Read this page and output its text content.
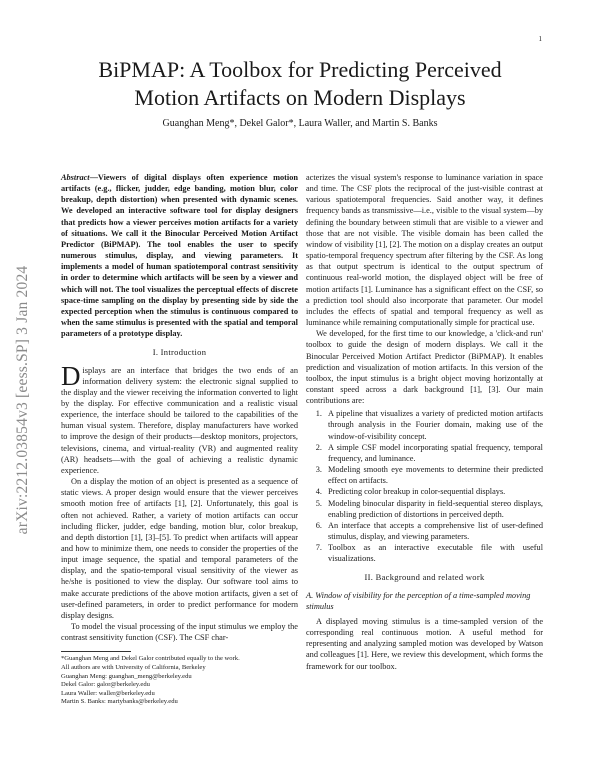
1
arXiv:2212.03854v3 [eess.SP] 3 Jan 2024
BiPMAP: A Toolbox for Predicting Perceived
Motion Artifacts on Modern Displays
Guanghan Meng*, Dekel Galor*, Laura Waller, and Martin S. Banks

Abstract—Viewers of digital displays often experience motion artifacts (e.g., flicker, judder, edge banding, motion blur, color breakup, depth distortion) when presented with dynamic scenes. We developed an interactive software tool for display designers that predicts how a viewer perceives motion artifacts for a variety of situations. We call it the Binocular Perceived Motion Artifact Predictor (BiPMAP). The tool enables the user to specify numerous stimulus, display, and viewing parameters. It implements a model of human spatiotemporal contrast sensitivity in order to determine which artifacts will be seen by a viewer and which will not. The tool visualizes the perceptual effects of discrete space-time sampling on the display by presenting side by side the expected perception when the stimulus is continuous compared to when the same stimulus is presented with the spatial and temporal parameters of a prototype display.

I. Introduction

Displays are an interface that bridges the two ends of an information delivery system: the electronic signal supplied to the display and the viewer receiving the information converted to light by the display. For effective communication and a realistic visual experience, the interface should be tailored to the capabilities of the human visual system. Therefore, display manufacturers have worked to improve the design of their products—desktop monitors, projectors, televisions, cinema, and virtual-reality (VR) and augmented reality (AR) headsets—with the goal of achieving a realistic dynamic experience.

On a display the motion of an object is presented as a sequence of static views. A proper design would ensure that the viewer perceives smooth motion free of artifacts [1], [2]. Unfortunately, this goal is often not achieved. Rather, a variety of motion artifacts can occur including flicker, judder, edge banding, motion blur, color breakup, and depth distortion [1], [3]–[5]. To predict when artifacts will appear and how to minimize them, one needs to consider the properties of the input image sequence, the spatial and temporal parameters of the display, and the spatio-temporal visual sensitivity of the viewer as he/she is positioned to view the display. Our software tool aims to make accurate predictions of the above motion artifacts, given a set of user-defined parameters, in order to predict performance for modern display designs.

To model the visual processing of the input stimulus we employ the contrast sensitivity function (CSF). The CSF char-

*Guanghan Meng and Dekel Galor contributed equally to the work.
All authors are with University of California, Berkeley
Guanghan Meng: guanghan_meng@berkeley.edu
Dekel Galor: galor@berkeley.edu
Laura Waller: waller@berkeley.edu
Martin S. Banks: martybanks@berkeley.edu

acterizes the visual system's response to luminance variation in space and time. The CSF plots the reciprocal of the just-visible contrast at various spatiotemporal frequencies. Said another way, it defines frequency bands as transmissive—i.e., visible to the visual system—by defining the boundary between stimuli that are visible to a viewer and those that are not visible. The visible domain has been called the window of visibility [1], [2]. The motion on a display creates an output spatio-temporal frequency spectrum after filtering by the CSF. As long as that output spectrum is identical to the output spectrum of continuous real-world motion, the displayed object will be free of motion artifacts [1]. Luminance has a significant effect on the CSF, so a prediction tool should also incorporate that parameter. Our model includes the effects of spatial and temporal frequency as well as luminance while remaining computationally simple for practical use.

We developed, for the first time to our knowledge, a 'click-and run' toolbox to guide the design of modern displays. We call it the Binocular Perceived Motion Artifact Predictor (BiPMAP). It enables prediction and visualization of motion artifacts. In this version of the toolbox, the input stimulus is a bright object moving horizontally at constant speed across a dark background [1], [3]. Our main contributions are:

1. A pipeline that visualizes a variety of predicted motion artifacts through analysis in the Fourier domain, making use of the window-of-visibility concept.
2. A simple CSF model incorporating spatial frequency, temporal frequency, and luminance.
3. Modeling smooth eye movements to determine their predicted effect on artifacts.
4. Predicting color breakup in color-sequential displays.
5. Modeling binocular disparity in field-sequential stereo displays, enabling prediction of distortions in perceived depth.
6. An interface that accepts a comprehensive list of user-defined stimulus, display, and viewing parameters.
7. Toolbox as an interactive executable file with useful visualizations.
II. Background and related work
A. Window of visibility for the perception of a time-sampled moving stimulus

A displayed moving stimulus is a time-sampled version of the corresponding real continuous motion. A useful method for representing and analyzing sampled motion was developed by Watson and colleagues [1]. Here, we review this development, which forms the framework for our toolbox.
